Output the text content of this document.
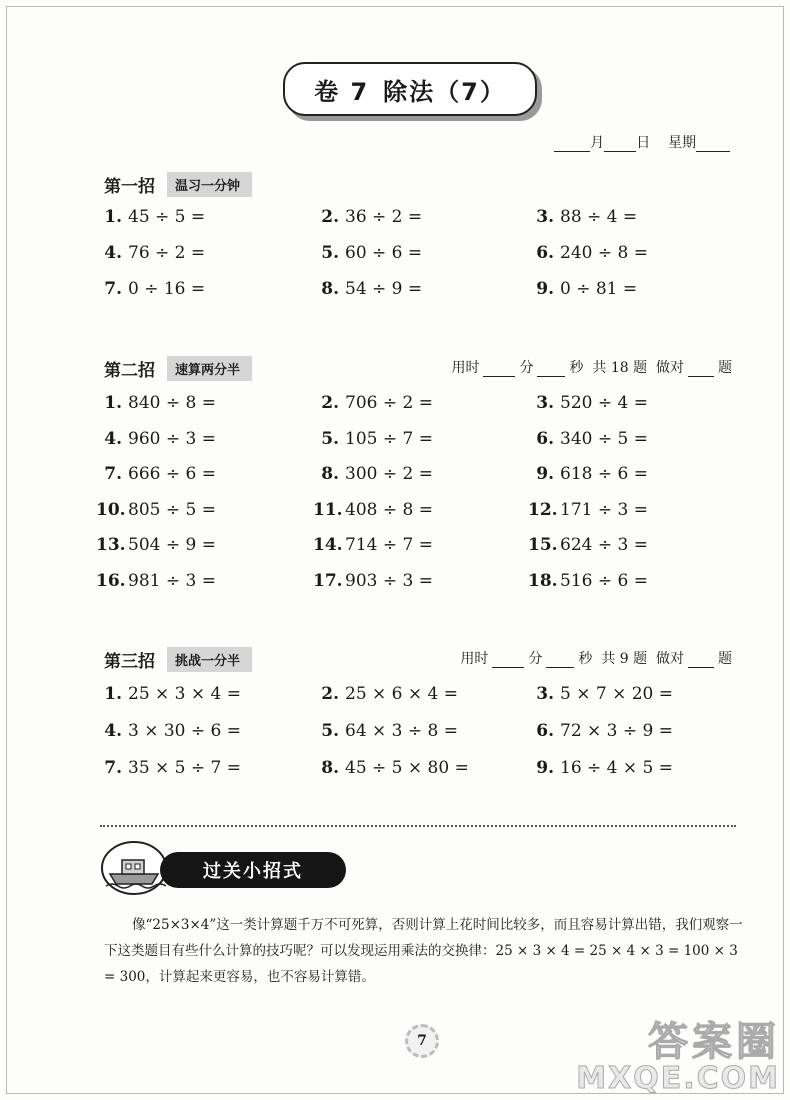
卷 7 除法（7）
月 日 星期
第一招	温习一分钟
1. 45 ÷ 5 =	2. 36 ÷ 2 =	3. 88 ÷ 4 =
4. 76 ÷ 2 =	5. 60 ÷ 6 =	6. 240 ÷ 8 =
7. 0 ÷ 16 =	8. 54 ÷ 9 =	9. 0 ÷ 81 =
第二招	速算两分半	用时	分	秒 共 18 题 做对 题
1. 840 ÷ 8 =	2. 706 ÷ 2 =	3. 520 ÷ 4 =
4. 960 ÷ 3 =	5. 105 ÷ 7 =	6. 340 ÷ 5 =
7. 666 ÷ 6 =	8. 300 ÷ 2 =	9. 618 ÷ 6 =
10. 805 ÷ 5 =	11. 408 ÷ 8 =	12. 171 ÷ 3 =
13. 504 ÷ 9 =	14. 714 ÷ 7 =	15. 624 ÷ 3 =
16. 981 ÷ 3 =	17. 903 ÷ 3 =	18. 516 ÷ 6 =
第三招	挑战一分半	用时	分	秒 共 9 题 做对 题
1. 25 × 3 × 4 =	2. 25 × 6 × 4 =	3. 5 × 7 × 20 =
4. 3 × 30 ÷ 6 =	5. 64 × 3 ÷ 8 =	6. 72 × 3 ÷ 9 =
7. 35 × 5 ÷ 7 =	8. 45 ÷ 5 × 80 =	9. 16 ÷ 4 × 5 =
过关小招式
像“25×3×4”这一类计算题千万不可死算，否则计算上花时间比较多，而且容易计算出错，我们观察一下这类题目有些什么计算的技巧呢？可以发现运用乘法的交换律：25 × 3 × 4 = 25 × 4 × 3 = 100 × 3 = 300，计算起来更容易，也不容易计算错。
7	答案圈
MXQE.COM
